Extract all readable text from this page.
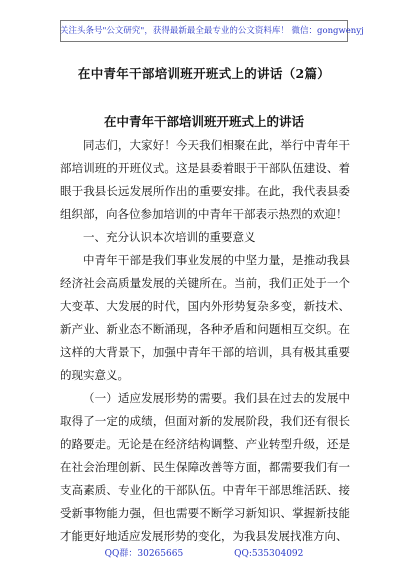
关注头条号"公文研究"，获得最新最全最专业的公文资料库！ 微信：gongwenyj
在中青年干部培训班开班式上的讲话（2篇）
在中青年干部培训班开班式上的讲话

同志们，大家好！今天我们相聚在此，举行中青年干部培训班的开班仪式。这是县委着眼于干部队伍建设、着眼于我县长远发展所作出的重要安排。在此，我代表县委组织部，向各位参加培训的中青年干部表示热烈的欢迎！

一、充分认识本次培训的重要意义

中青年干部是我们事业发展的中坚力量，是推动我县经济社会高质量发展的关键所在。当前，我们正处于一个大变革、大发展的时代，国内外形势复杂多变，新技术、新产业、新业态不断涌现，各种矛盾和问题相互交织。在这样的大背景下，加强中青年干部的培训，具有极其重要的现实意义。

（一）适应发展形势的需要。我们县在过去的发展中取得了一定的成绩，但面对新的发展阶段，我们还有很长的路要走。无论是在经济结构调整、产业转型升级，还是在社会治理创新、民生保障改善等方面，都需要我们有一支高素质、专业化的干部队伍。中青年干部思维活跃、接受新事物能力强，但也需要不断学习新知识、掌握新技能才能更好地适应发展形势的变化，为我县发展找准方向、

QQ群：30265665	QQ:535304092
